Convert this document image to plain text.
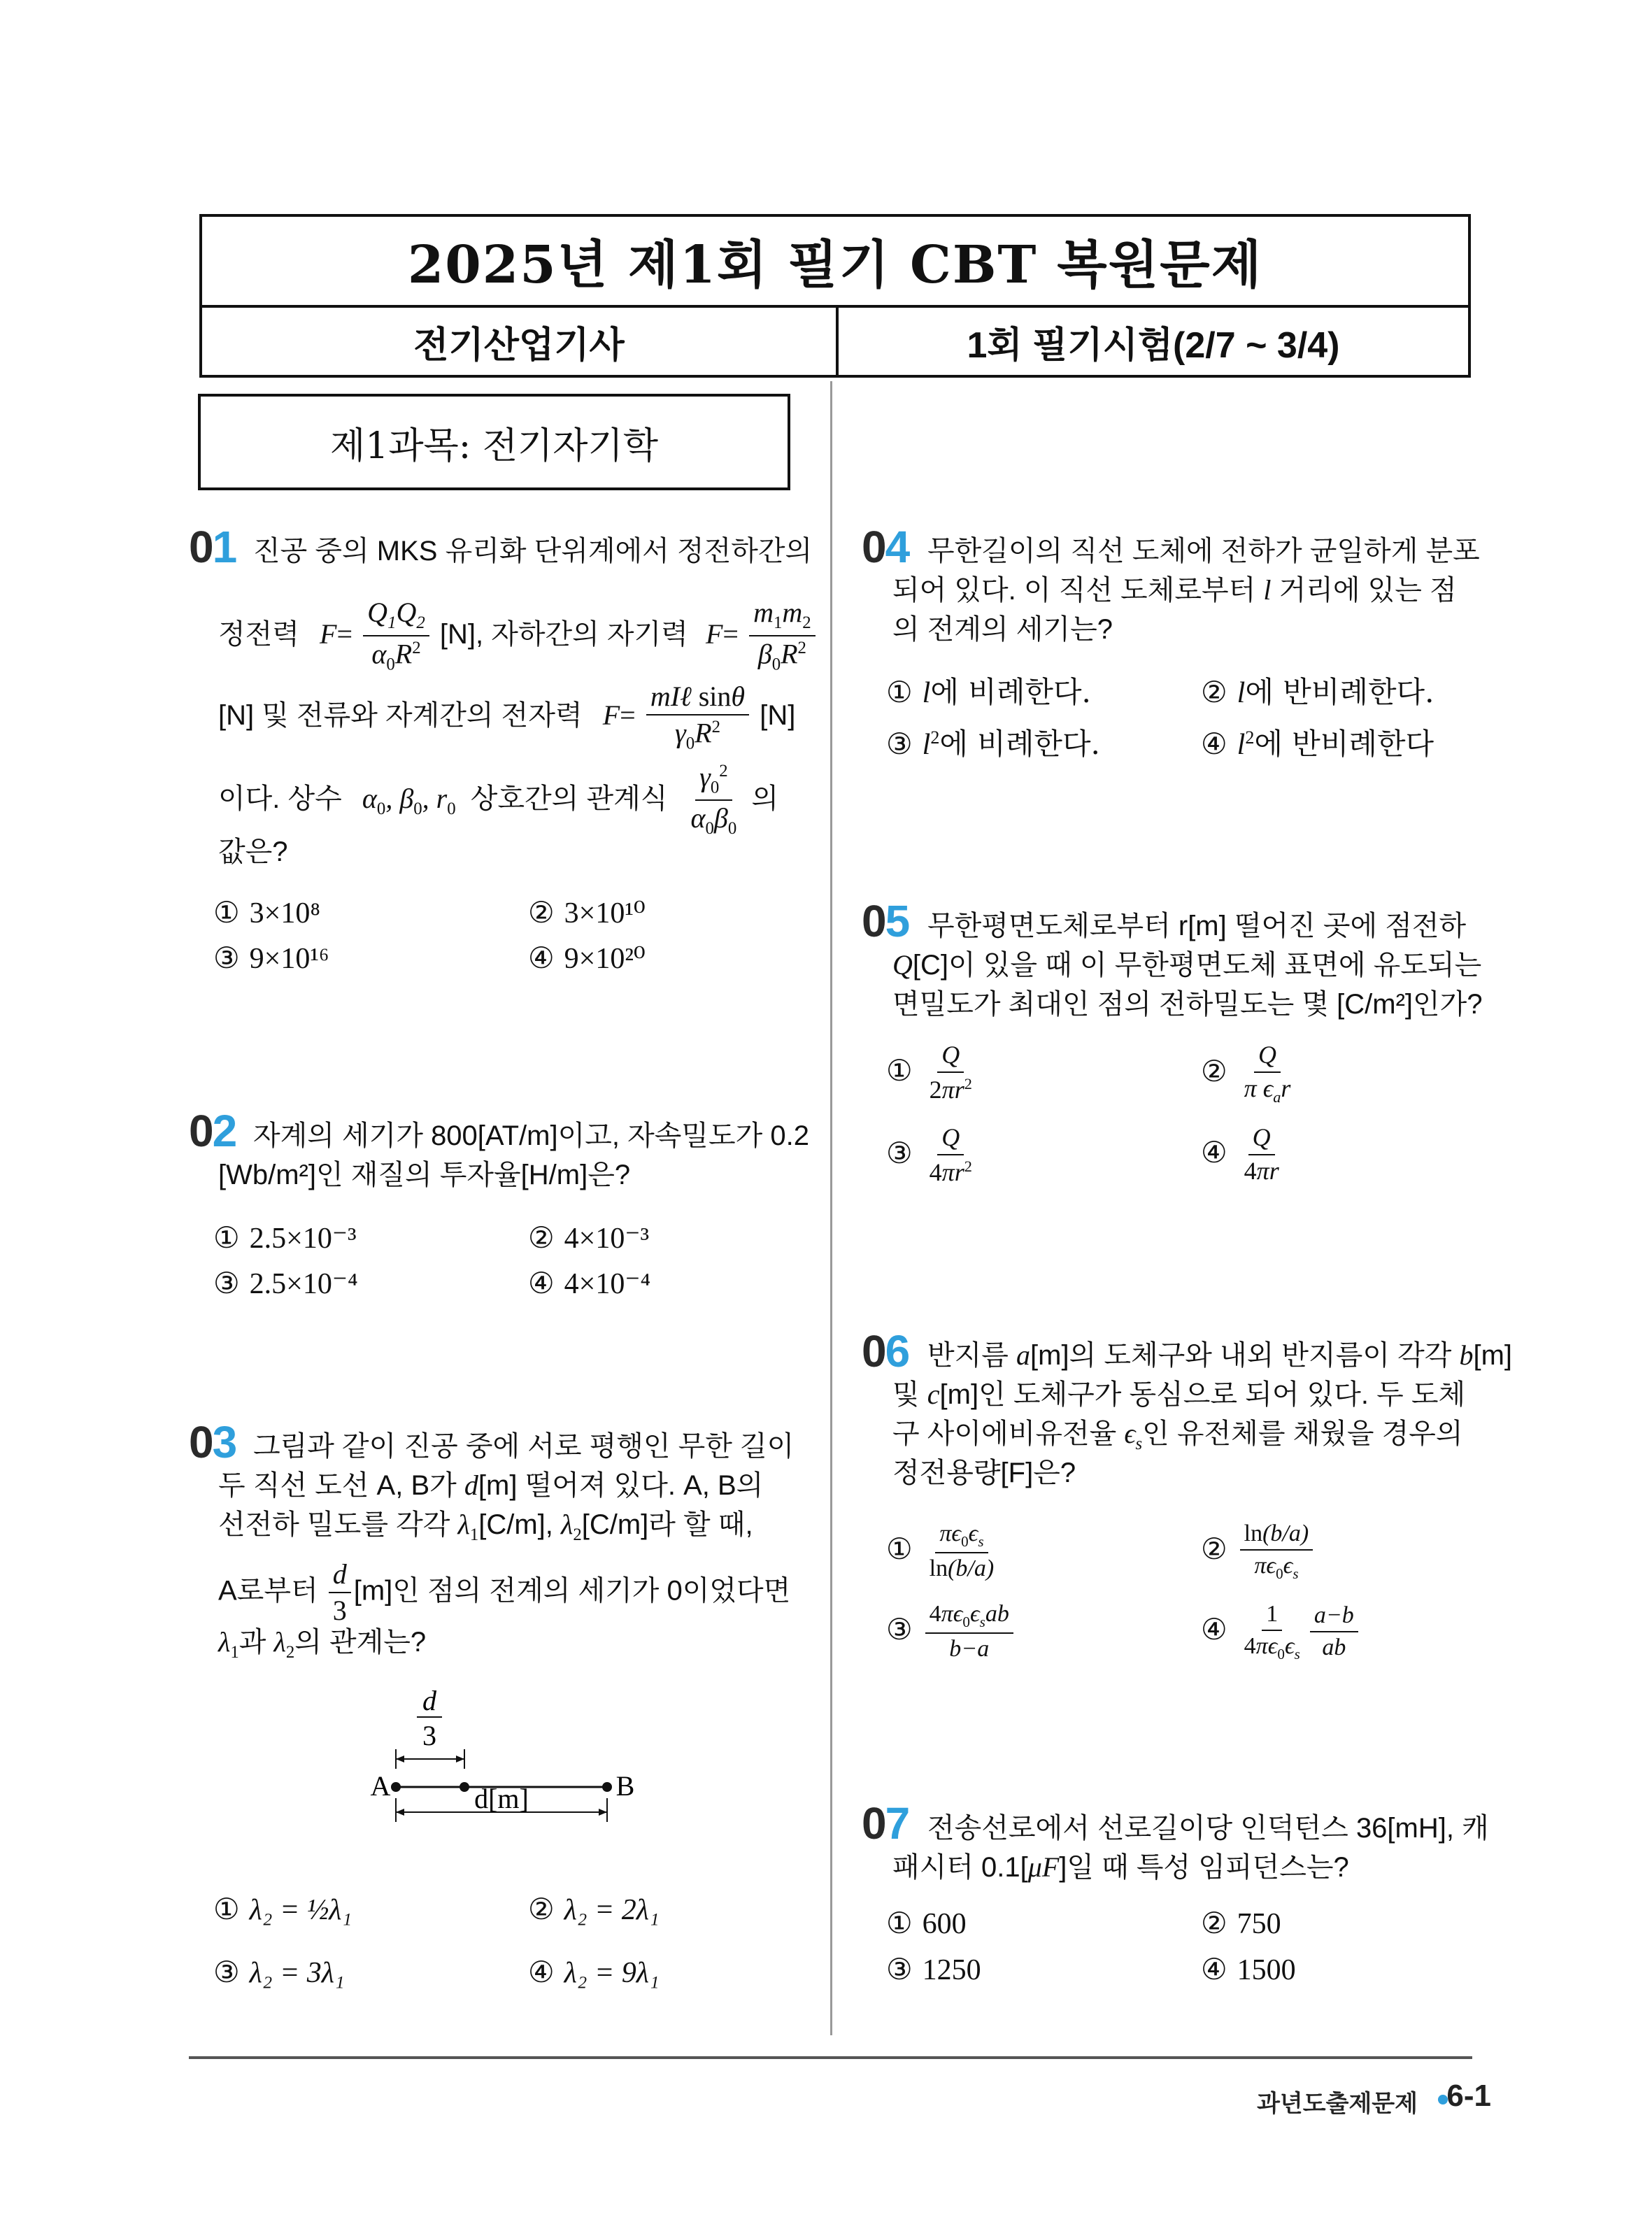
2025년 제1회 필기 CBT 복원문제
전기산업기사	1회 필기시험(2/7 ~ 3/4)
제1과목: 전기자기학
01 진공 중의 MKS 유리화 단위계에서 정전하간의
정전력 $F= \frac{Q_1Q_2}{\alpha_0R^2} [N]$, 자하간의 자기력 $F= \frac{m_1m_2}{\beta_0R^2}$
[N] 및 전류와 자계간의 전자력 $F= \frac{\text{mIℓ sinθ}}{\gamma_0R^2} [N]$
이다. 상수 $\alpha_0$, $\beta_0$, $r_0$ 상호간의 관계식 $\frac{\gamma_0^2}{\alpha_0\beta_0}$ 의
값은?
① 3×10⁸	② 3×10¹⁰
③ 9×10¹⁶	④ 9×10²⁰
02 자계의 세기가 800[AT/m]이고, 자속밀도가 0.2
[Wb/m²]인 재질의 투자율[H/m]은?
① 2.5×10⁻³	② 4×10⁻³
③ 2.5×10⁻⁴	④ 4×10⁻⁴
03 그림과 같이 진공 중에 서로 평행인 무한 길이
두 직선 도선 A, B가 d[m] 떨어져 있다. A, B의
선전하 밀도를 각각 $\lambda_1[C/m]$, $\lambda_2[C/m]$라 할 때,
A로부터 $\frac{d}{3} [m]$인 점의 전계의 세기가 0이었다면
$\lambda_1$과 $\lambda_2$의 관계는?
d
3
A	B
d[m]
① λ₂ = ½λ₁	② λ₂ = 2λ₁
③ λ₂ = 3λ₁	④ λ₂ = 9λ₁
04 무한길이의 직선 도체에 전하가 균일하게 분포
되어 있다. 이 직선 도체로부터 l 거리에 있는 점
의 전계의 세기는?
① l에 비례한다.	② l에 반비례한다.
③ $l^2$에 비례한다.	④ $l^2$에 반비례한다
05 무한평면도체로부터 r[m] 떨어진 곳에 점전하
Q[C]이 있을 때 이 무한평면도체 표면에 유도되는
면밀도가 최대인 점의 전하밀도는 몇 [C/m²]인가?
① $\frac{Q}{2\pi r^2}$	② $\frac{Q}{\pi \epsilon_ar}$
③ $\frac{Q}{4\pi r^2}$	④ $\frac{Q}{4\pi r}$
06 반지름 a[m]의 도체구와 내외 반지름이 각각 b[m]
및 c[m]인 도체구가 동심으로 되어 있다. 두 도체
구 사이에비유전율 $\epsilon_s$인 유전체를 채웠을 경우의
정전용량[F]은?
① $\frac{\pi\epsilon_0\epsilon_s}{\ln(b/a)}$	② $\frac{\ln(b/a)}{\pi\epsilon_0\epsilon_s}$
③ $\frac{4\pi\epsilon_0\epsilon_sab}{b-a}$	④ $\frac{1}{4\pi\epsilon_0\epsilon_s} \frac{a-b}{ab}$
07 전송선로에서 선로길이당 인덕턴스 36[mH], 캐
패시터 0.1[μF]일 때 특성 임피던스는?
① 600	② 750
③ 1250	④ 1500
과년도출제문제 6-1
